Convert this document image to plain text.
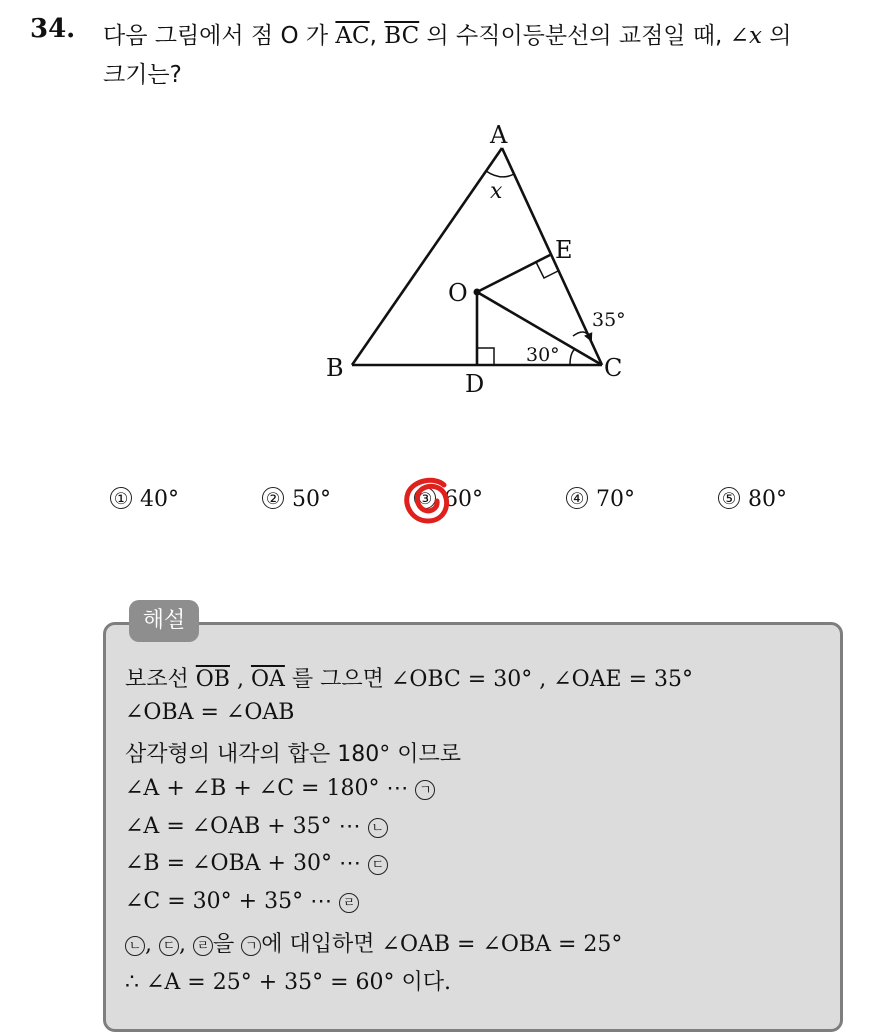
34. 다음 그림에서 점 O 가 $\overline{AC}$, $\overline{BC}$ 의 수직이등분선의 교점일 때, ∠x 의
크기는?
A
B	C
D
E
O
x
35°
30°
① 40°	② 50°	③ 60°	④ 70°	⑤ 80°
해설
보조선 $\overline{OB}$ , $\overline{OA}$ 를 그으면 ∠OBC = 30° , ∠OAE = 35°
∠OBA = ∠OAB
삼각형의 내각의 합은 180° 이므로
∠A + ∠B + ∠C = 180° ⋯ ㄱ
∠A = ∠OAB + 35° ⋯ ㄴ
∠B = ∠OBA + 30° ⋯ ㄷ
∠C = 30° + 35° ⋯ ㄹ
ㄴ , ㄷ , ㄹ 을 ㄱ 에 대입하면 ∠OAB = ∠OBA = 25°
∴ ∠A = 25° + 35° = 60° 이다.
